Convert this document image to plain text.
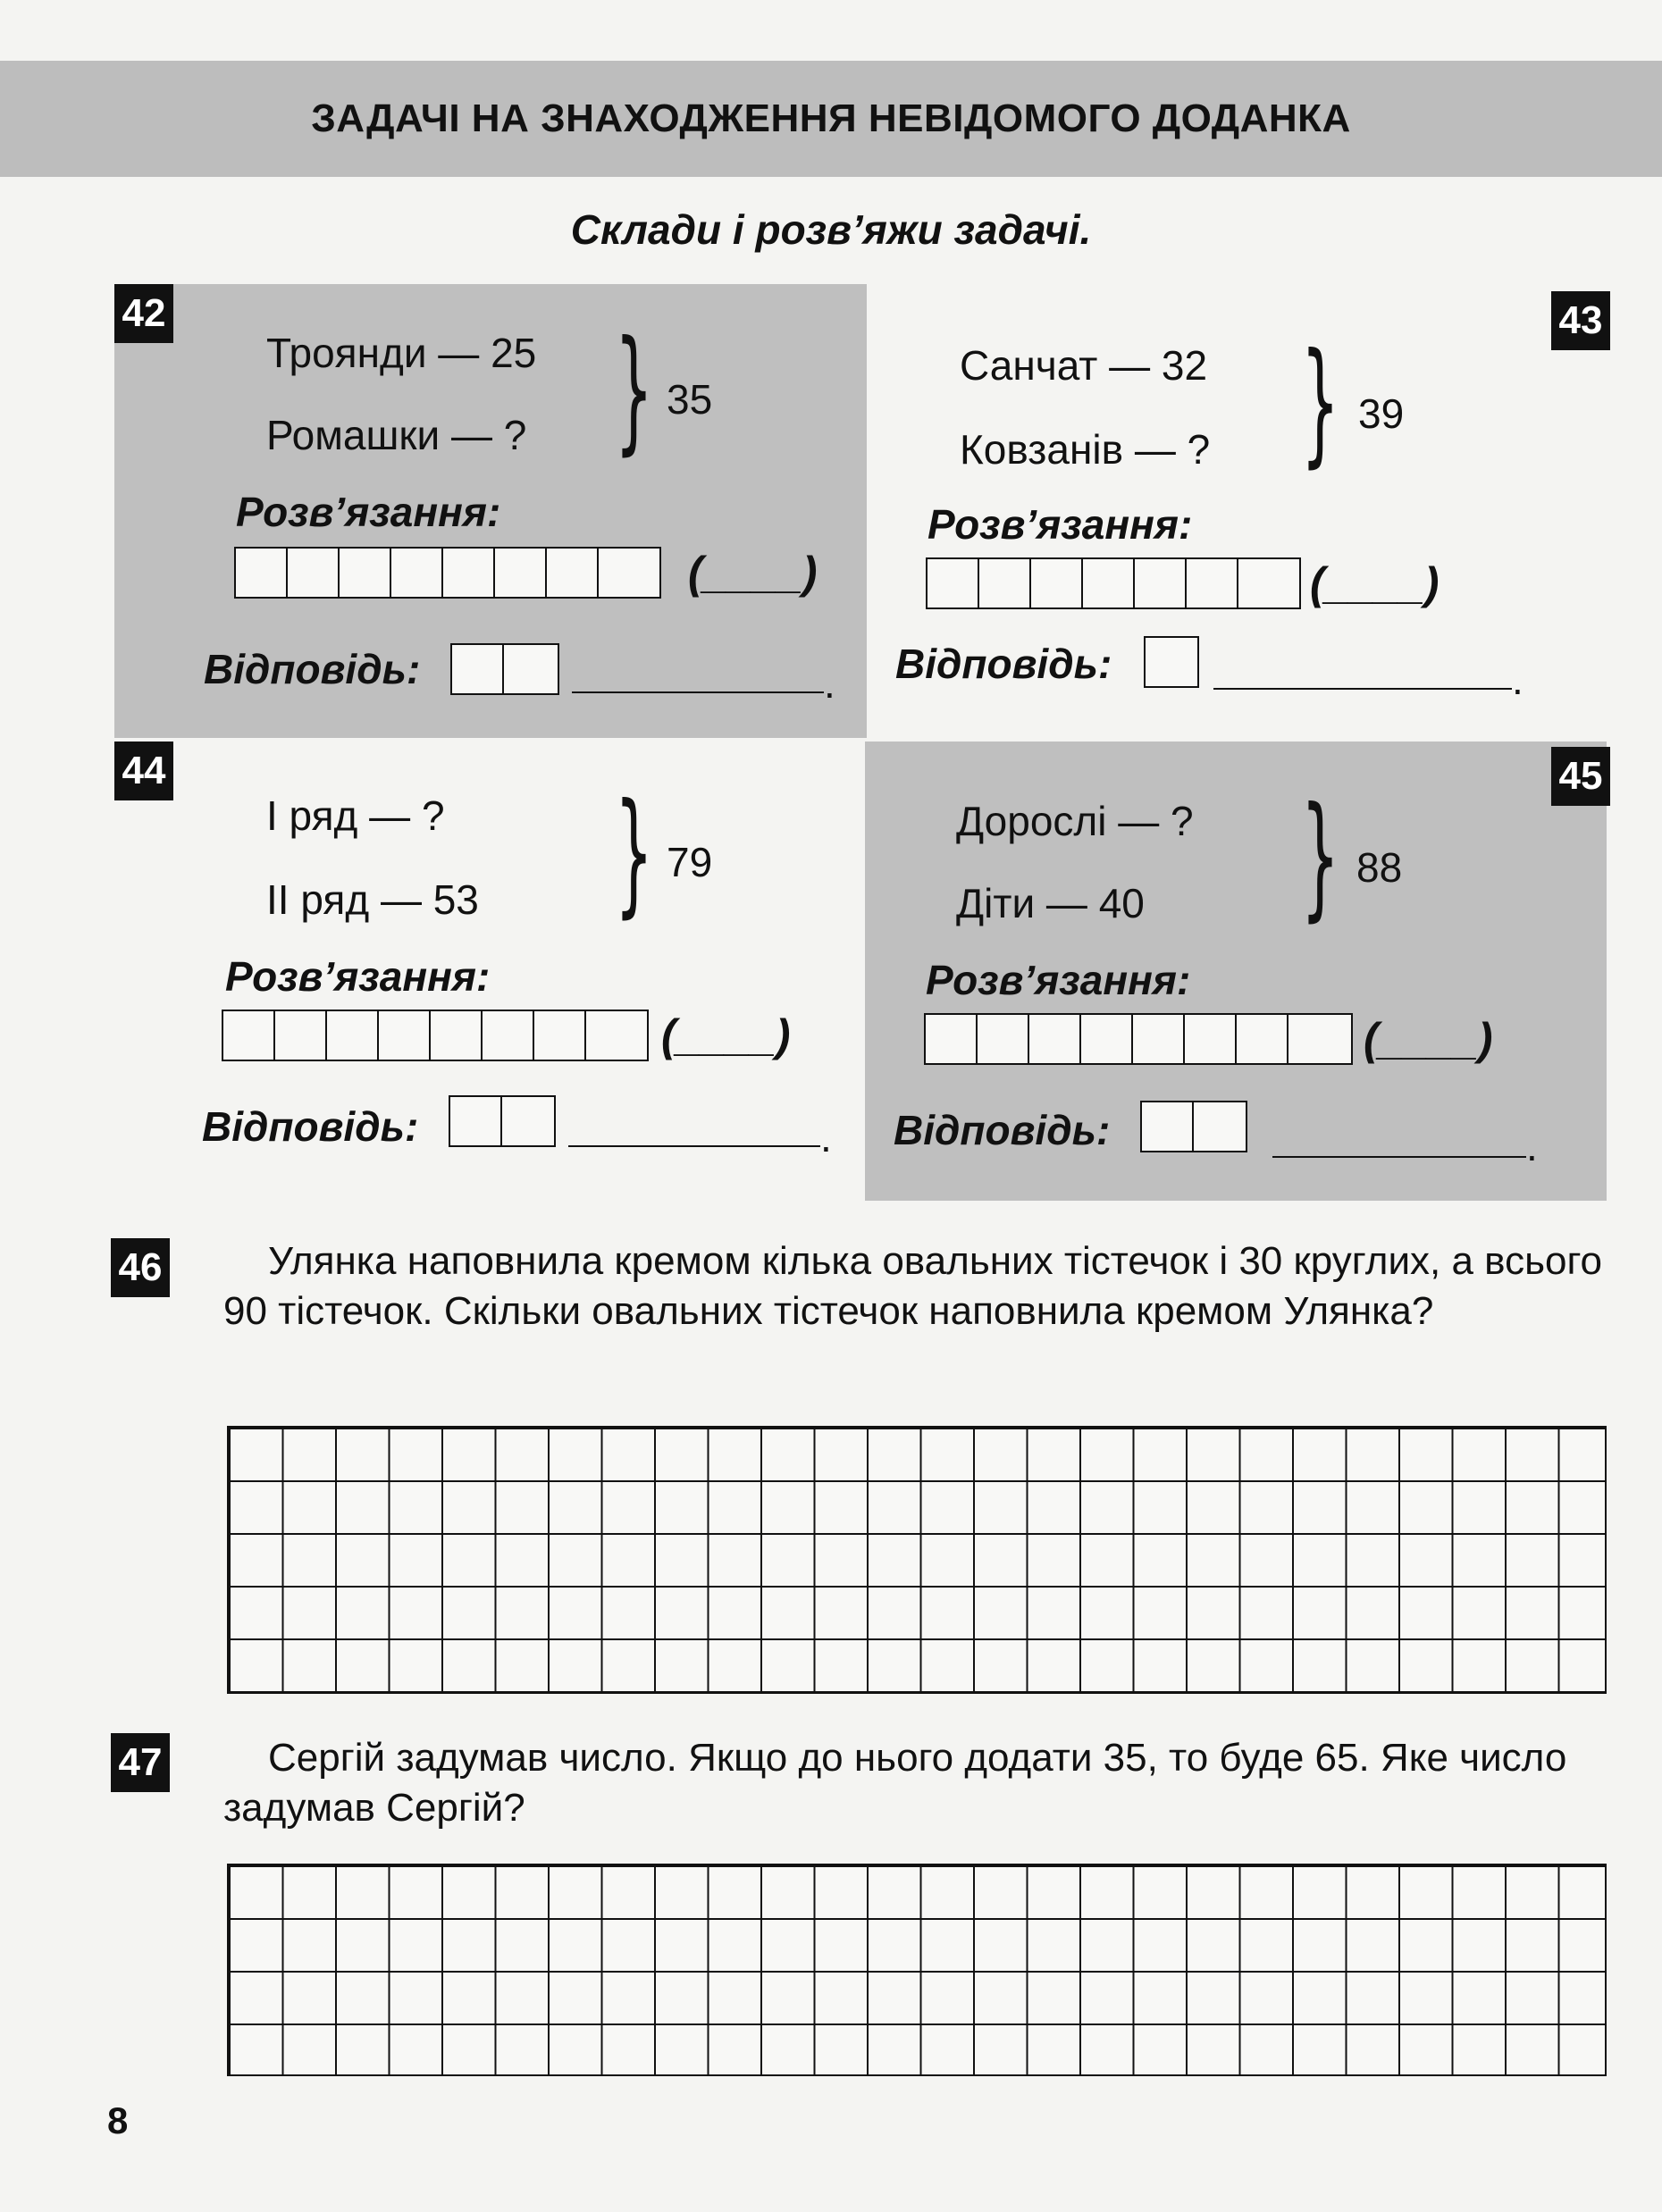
ЗАДАЧІ НА ЗНАХОДЖЕННЯ НЕВІДОМОГО ДОДАНКА
Склади і розв’яжи задачі.
42
Троянди — 25
Ромашки — ? } 35
Розв’язання:
(____)
Відповідь:	.
43
Санчат — 32
Ковзанів — ? } 39
Розв’язання:
(____)
Відповідь:	.
44
І ряд — ?
ІІ ряд — 53 } 79
Розв’язання:
(____)
Відповідь:	.
45
Дорослі — ?
Діти — 40 } 88
Розв’язання:
(____)
Відповідь:	.
46	Улянка наповнила кремом кілька овальних тістечок і 30 круглих, а всього 90 тістечок. Скільки овальних тістечок наповнила кремом Улянка?
47	Сергій задумав число. Якщо до нього додати 35, то буде 65. Яке число задумав Сергій?
8
